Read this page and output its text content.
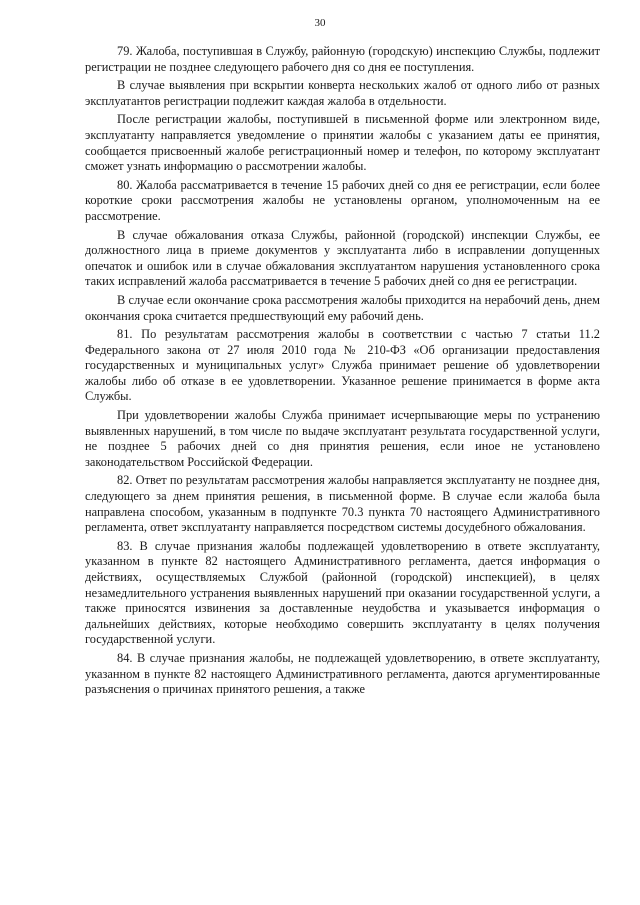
30

79. Жалоба, поступившая в Службу, районную (городскую) инспекцию Службы, подлежит регистрации не позднее следующего рабочего дня со дня ее поступления.

В случае выявления при вскрытии конверта нескольких жалоб от одного либо от разных эксплуатантов регистрации подлежит каждая жалоба в отдельности.

После регистрации жалобы, поступившей в письменной форме или электронном виде, эксплуатанту направляется уведомление о принятии жалобы с указанием даты ее принятия, сообщается присвоенный жалобе регистрационный номер и телефон, по которому эксплуатант сможет узнать информацию о рассмотрении жалобы.

80. Жалоба рассматривается в течение 15 рабочих дней со дня ее регистрации, если более короткие сроки рассмотрения жалобы не установлены органом, уполномоченным на ее рассмотрение.

В случае обжалования отказа Службы, районной (городской) инспекции Службы, ее должностного лица в приеме документов у эксплуатанта либо в исправлении допущенных опечаток и ошибок или в случае обжалования эксплуатантом нарушения установленного срока таких исправлений жалоба рассматривается в течение 5 рабочих дней со дня ее регистрации.

В случае если окончание срока рассмотрения жалобы приходится на нерабочий день, днем окончания срока считается предшествующий ему рабочий день.

81. По результатам рассмотрения жалобы в соответствии с частью 7 статьи 11.2 Федерального закона от 27 июля 2010 года № 210-ФЗ «Об организации предоставления государственных и муниципальных услуг» Служба принимает решение об удовлетворении жалобы либо об отказе в ее удовлетворении. Указанное решение принимается в форме акта Службы.

При удовлетворении жалобы Служба принимает исчерпывающие меры по устранению выявленных нарушений, в том числе по выдаче эксплуатант результата государственной услуги, не позднее 5 рабочих дней со дня принятия решения, если иное не установлено законодательством Российской Федерации.

82. Ответ по результатам рассмотрения жалобы направляется эксплуатанту не позднее дня, следующего за днем принятия решения, в письменной форме. В случае если жалоба была направлена способом, указанным в подпункте 70.3 пункта 70 настоящего Административного регламента, ответ эксплуатанту направляется посредством системы досудебного обжалования.

83. В случае признания жалобы подлежащей удовлетворению в ответе эксплуатанту, указанном в пункте 82 настоящего Административного регламента, дается информация о действиях, осуществляемых Службой (районной (городской) инспекцией), в целях незамедлительного устранения выявленных нарушений при оказании государственной услуги, а также приносятся извинения за доставленные неудобства и указывается информация о дальнейших действиях, которые необходимо совершить эксплуатанту в целях получения государственной услуги.

84. В случае признания жалобы, не подлежащей удовлетворению, в ответе эксплуатанту, указанном в пункте 82 настоящего Административного регламента, даются аргументированные разъяснения о причинах принятого решения, а также
